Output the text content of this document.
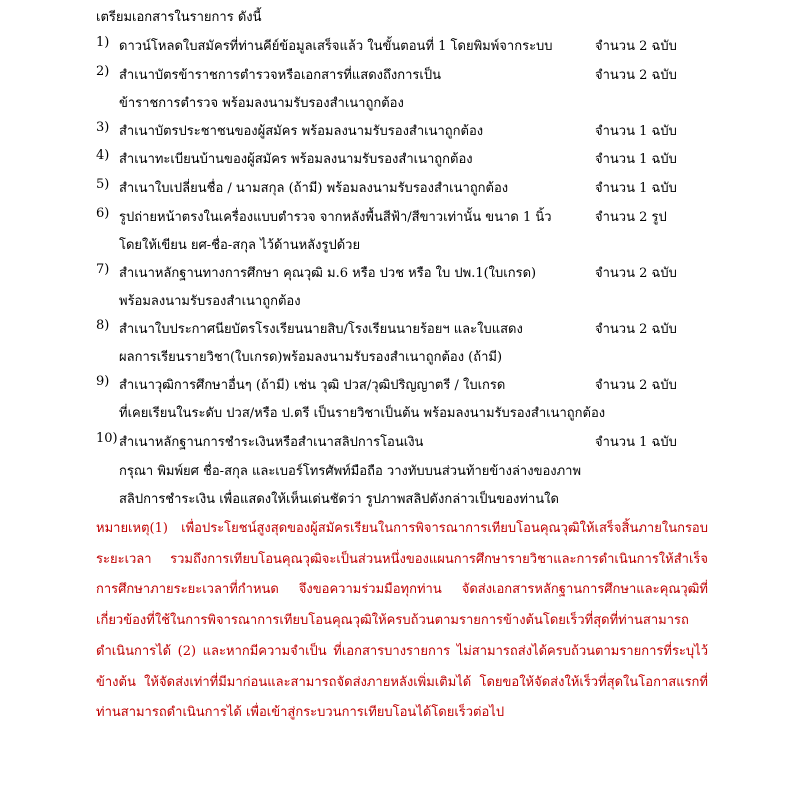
เตรียมเอกสารในรายการ ดังนี้
1) ดาวน์โหลดใบสมัครที่ท่านคีย์ข้อมูลเสร็จแล้ว ในขั้นตอนที่ 1 โดยพิมพ์จากระบบ	จำนวน 2 ฉบับ
2) สำเนาบัตรข้าราชการตำรวจหรือเอกสารที่แสดงถึงการเป็น	จำนวน 2 ฉบับ
ข้าราชการตำรวจ พร้อมลงนามรับรองสำเนาถูกต้อง
3) สำเนาบัตรประชาชนของผู้สมัคร พร้อมลงนามรับรองสำเนาถูกต้อง	จำนวน 1 ฉบับ
4) สำเนาทะเบียนบ้านของผู้สมัคร พร้อมลงนามรับรองสำเนาถูกต้อง	จำนวน 1 ฉบับ
5) สำเนาใบเปลี่ยนชื่อ / นามสกุล (ถ้ามี) พร้อมลงนามรับรองสำเนาถูกต้อง	จำนวน 1 ฉบับ
6) รูปถ่ายหน้าตรงในเครื่องแบบตำรวจ จากหลังพื้นสีฟ้า/สีขาวเท่านั้น ขนาด 1 นิ้ว	จำนวน 2 รูป
โดยให้เขียน ยศ-ชื่อ-สกุล ไว้ด้านหลังรูปด้วย
7) สำเนาหลักฐานทางการศึกษา คุณวุฒิ ม.6 หรือ ปวช หรือ ใบ ปพ.1(ใบเกรด)	จำนวน 2 ฉบับ
พร้อมลงนามรับรองสำเนาถูกต้อง
8) สำเนาใบประกาศนียบัตรโรงเรียนนายสิบ/โรงเรียนนายร้อยฯ และใบแสดง	จำนวน 2 ฉบับ
ผลการเรียนรายวิชา(ใบเกรด)พร้อมลงนามรับรองสำเนาถูกต้อง (ถ้ามี)
9) สำเนาวุฒิการศึกษาอื่นๆ (ถ้ามี) เช่น วุฒิ ปวส/วุฒิปริญญาตรี / ใบเกรด	จำนวน 2 ฉบับ
ที่เคยเรียนในระดับ ปวส/หรือ ป.ตรี เป็นรายวิชาเป็นต้น พร้อมลงนามรับรองสำเนาถูกต้อง
10) สำเนาหลักฐานการชำระเงินหรือสำเนาสลิปการโอนเงิน	จำนวน 1 ฉบับ
กรุณา พิมพ์ยศ ชื่อ-สกุล และเบอร์โทรศัพท์มือถือ วางทับบนส่วนท้ายข้างล่างของภาพ
สลิปการชำระเงิน เพื่อแสดงให้เห็นเด่นชัดว่า รูปภาพสลิปดังกล่าวเป็นของท่านใด
หมายเหตุ(1) เพื่อประโยชน์สูงสุดของผู้สมัครเรียนในการพิจารณาการเทียบโอนคุณวุฒิให้เสร็จสิ้นภายในกรอบระยะเวลา รวมถึงการเทียบโอนคุณวุฒิจะเป็นส่วนหนึ่งของแผนการศึกษารายวิชาและการดำเนินการให้สำเร็จการศึกษาภายระยะเวลาที่กำหนด จึงขอความร่วมมือทุกท่าน จัดส่งเอกสารหลักฐานการศึกษาและคุณวุฒิที่เกี่ยวข้องที่ใช้ในการพิจารณาการเทียบโอนคุณวุฒิให้ครบถ้วนตามรายการข้างต้นโดยเร็วที่สุดที่ท่านสามารถดำเนินการได้ (2) และหากมีความจำเป็น ที่เอกสารบางรายการ ไม่สามารถส่งได้ครบถ้วนตามรายการที่ระบุไว้ข้างต้น ให้จัดส่งเท่าที่มีมาก่อนและสามารถจัดส่งภายหลังเพิ่มเติมได้ โดยขอให้จัดส่งให้เร็วที่สุดในโอกาสแรกที่ท่านสามารถดำเนินการได้ เพื่อเข้าสู่กระบวนการเทียบโอนได้โดยเร็วต่อไป
